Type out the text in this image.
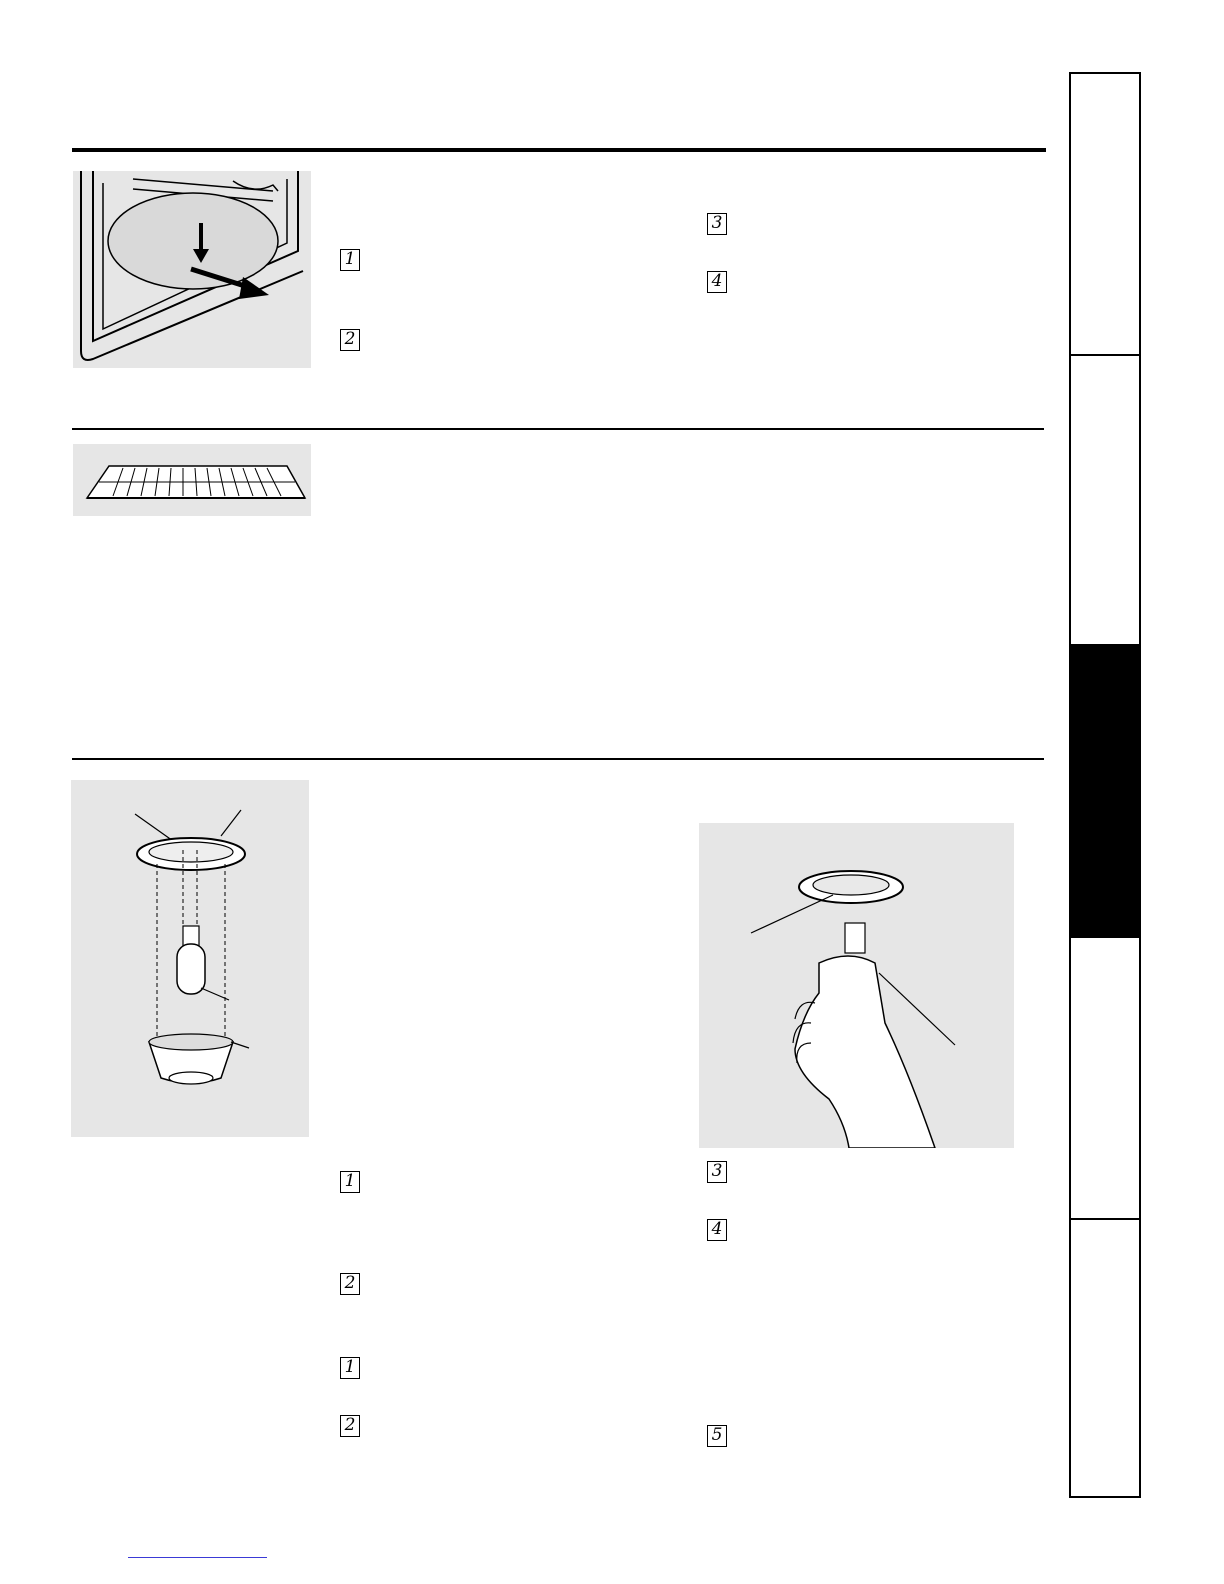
1
2
3
4
1
2
1
2
3
4
5
